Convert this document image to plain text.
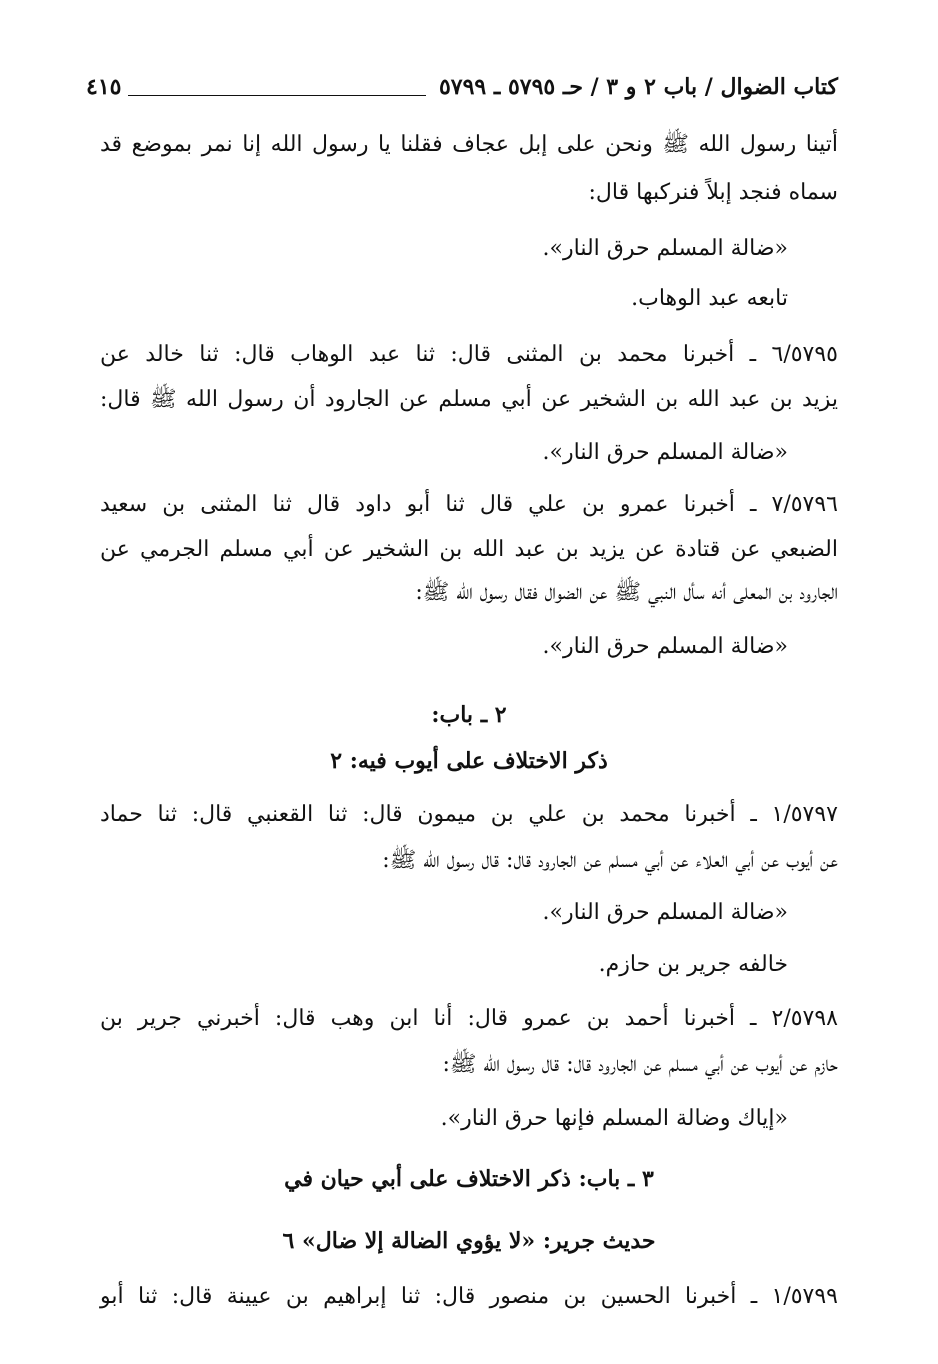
كتاب الضوال / باب ٢ و ٣ / حـ ٥٧٩٥ ـ ٥٧٩٩
٤١٥
أتينا رسول الله ﷺ ونحن على إبل عجاف فقلنا يا رسول الله إنا نمر بموضع قد
سماه فنجد إبلاً فنركبها قال:
«ضالة المسلم حرق النار».
تابعه عبد الوهاب.
٦/٥٧٩٥ ـ أخبرنا محمد بن المثنى قال: ثنا عبد الوهاب قال: ثنا خالد عن
يزيد بن عبد الله بن الشخير عن أبي مسلم عن الجارود أن رسول الله ﷺ قال:
«ضالة المسلم حرق النار».
٧/٥٧٩٦ ـ أخبرنا عمرو بن علي قال ثنا أبو داود قال ثنا المثنى بن سعيد
الضبعي عن قتادة عن يزيد بن عبد الله بن الشخير عن أبي مسلم الجرمي عن
الجارود بن المعلى أنه سأل النبي ﷺ عن الضوال فقال رسول الله ﷺ:
«ضالة المسلم حرق النار».
٢ ـ باب:
ذكر الاختلاف على أيوب فيه: ٢
١/٥٧٩٧ ـ أخبرنا محمد بن علي بن ميمون قال: ثنا القعنبي قال: ثنا حماد
عن أيوب عن أبي العلاء عن أبي مسلم عن الجارود قال: قال رسول الله ﷺ:
«ضالة المسلم حرق النار».
خالفه جرير بن حازم.
٢/٥٧٩٨ ـ أخبرنا أحمد بن عمرو قال: أنا ابن وهب قال: أخبرني جرير بن
حازم عن أيوب عن أبي مسلم عن الجارود قال: قال رسول الله ﷺ:
«إياك وضالة المسلم فإنها حرق النار».
٣ ـ باب: ذكر الاختلاف على أبي حيان في
حديث جرير: «لا يؤوي الضالة إلا ضال» ٦
١/٥٧٩٩ ـ أخبرنا الحسين بن منصور قال: ثنا إبراهيم بن عيينة قال: ثنا أبو
